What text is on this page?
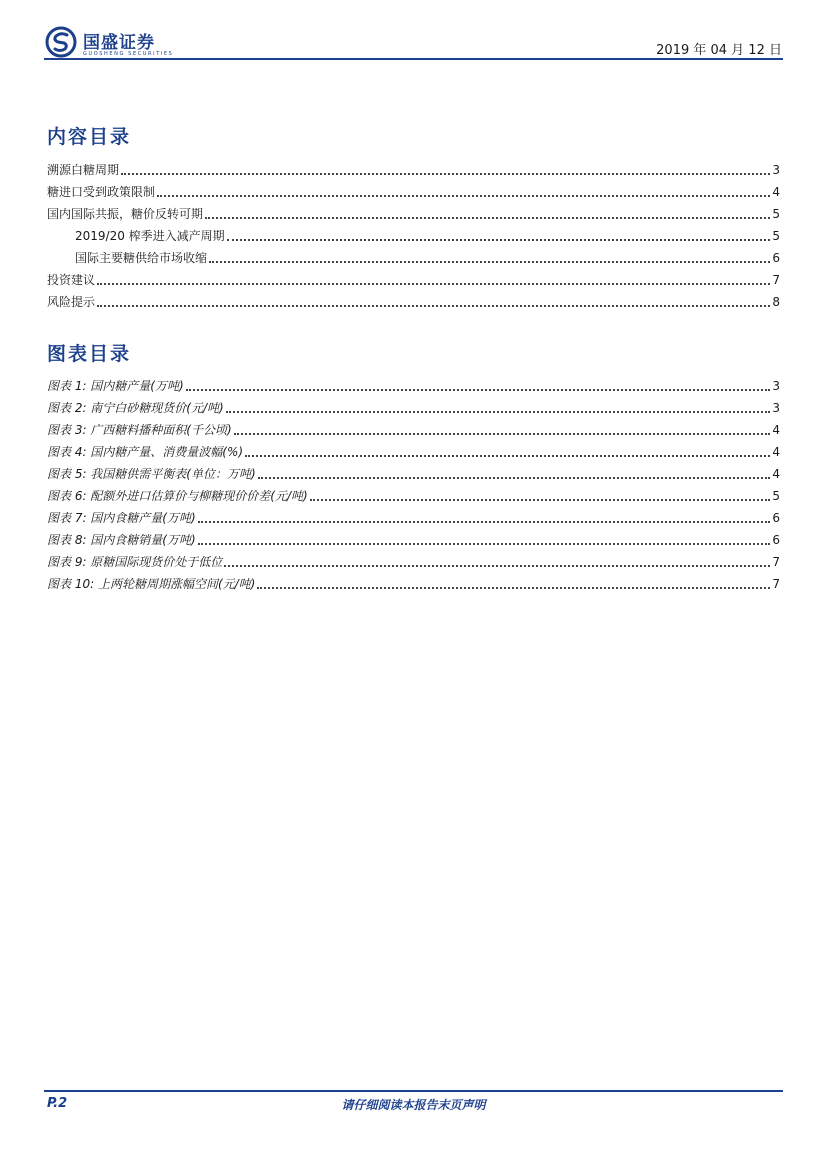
国盛证券
GUOSHENG SECURITIES	2019 年 04 月 12 日
内容目录
溯源白糖周期	3
糖进口受到政策限制	4
国内国际共振，糖价反转可期	5
2019/20 榨季进入减产周期	5
国际主要糖供给市场收缩	6
投资建议	7
风险提示	8
图表目录
图表 1: 国内糖产量(万吨)	3
图表 2: 南宁白砂糖现货价(元/吨)	3
图表 3: 广西糖料播种面积(千公顷)	4
图表 4: 国内糖产量、消费量波幅(%)	4
图表 5: 我国糖供需平衡表(单位：万吨)	4
图表 6: 配额外进口估算价与柳糖现价价差(元/吨)	5
图表 7: 国内食糖产量(万吨)	6
图表 8: 国内食糖销量(万吨)	6
图表 9: 原糖国际现货价处于低位	7
图表 10: 上两轮糖周期涨幅空间(元/吨)	7
P.2	请仔细阅读本报告末页声明
